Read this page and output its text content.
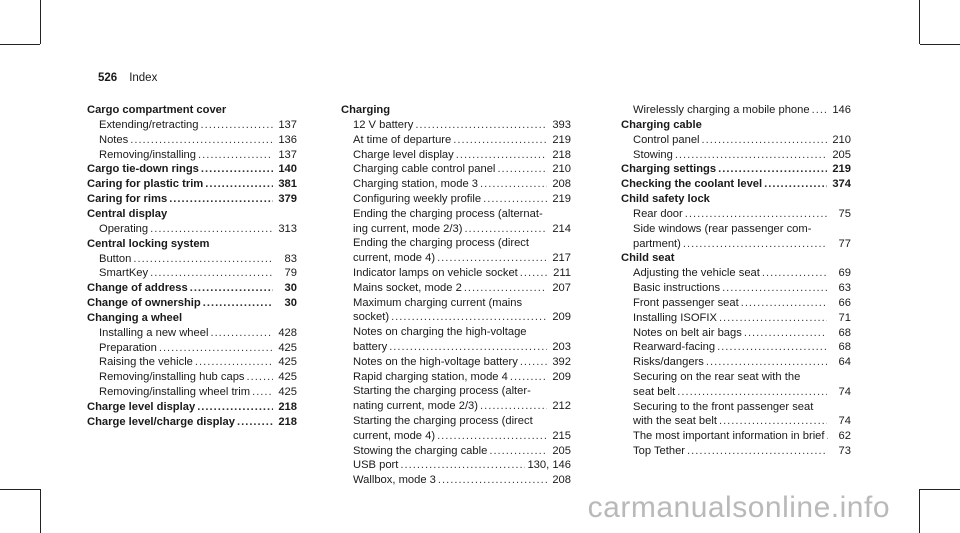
526 Index
Cargo compartment cover
Extending/retracting .....	137
Notes .....	136
Removing/installing .....	137
Cargo tie-down rings .....	140
Caring for plastic trim .....	381
Caring for rims .....	379
Central display
Operating .....	313
Central locking system
Button .....	83
SmartKey .....	79
Change of address .....	30
Change of ownership .....	30
Changing a wheel
Installing a new wheel .....	428
Preparation .....	425
Raising the vehicle .....	425
Removing/installing hub caps .....	425
Removing/installing wheel trim .....	425
Charge level display .....	218
Charge level/charge display .....	218
Charging
12 V battery .....	393
At time of departure .....	219
Charge level display .....	218
Charging cable control panel .....	210
Charging station, mode 3 .....	208
Configuring weekly profile .....	219
Ending the charging process (alternat-
ing current, mode 2/3) .....	214
Ending the charging process (direct
current, mode 4) .....	217
Indicator lamps on vehicle socket .....	211
Mains socket, mode 2 .....	207
Maximum charging current (mains
socket) .....	209
Notes on charging the high-voltage
battery .....	203
Notes on the high-voltage battery .....	392
Rapid charging station, mode 4 .....	209
Starting the charging process (alter-
nating current, mode 2/3) .....	212
Starting the charging process (direct
current, mode 4) .....	215
Stowing the charging cable .....	205
USB port .....	130, 146
Wallbox, mode 3 .....	208
Wirelessly charging a mobile phone ..... 146
Charging cable
Control panel .....	210
Stowing .....	205
Charging settings .....	219
Checking the coolant level .....	374
Child safety lock
Rear door .....	75
Side windows (rear passenger com-
partment) .....	77
Child seat
Adjusting the vehicle seat .....	69
Basic instructions .....	63
Front passenger seat .....	66
Installing ISOFIX .....	71
Notes on belt air bags .....	68
Rearward-facing .....	68
Risks/dangers .....	64
Securing on the rear seat with the
seat belt .....	74
Securing to the front passenger seat
with the seat belt .....	74
The most important information in brief .....	62
Top Tether .....	73
carmanualsonline.info
